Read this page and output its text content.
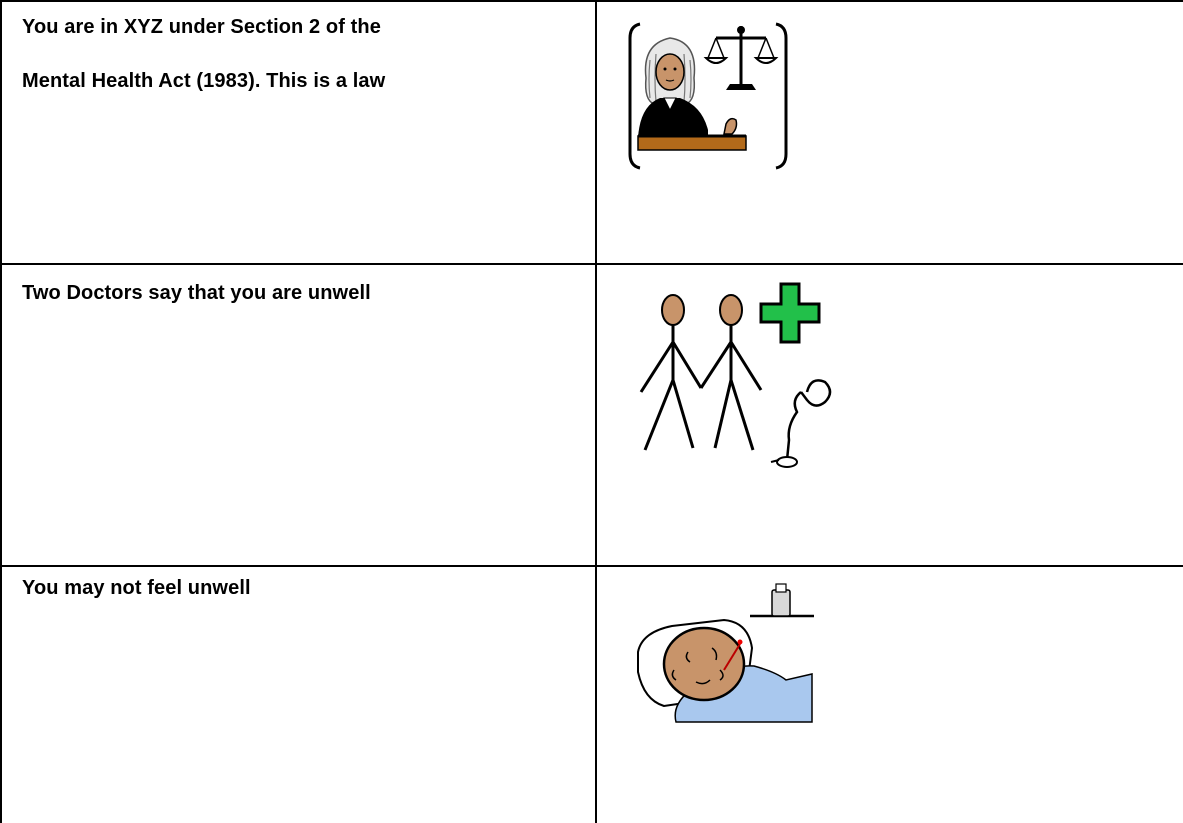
You are in XYZ under Section 2 of the
Mental Health Act (1983). This is a law
Two Doctors say that you are unwell
You may not feel unwell
